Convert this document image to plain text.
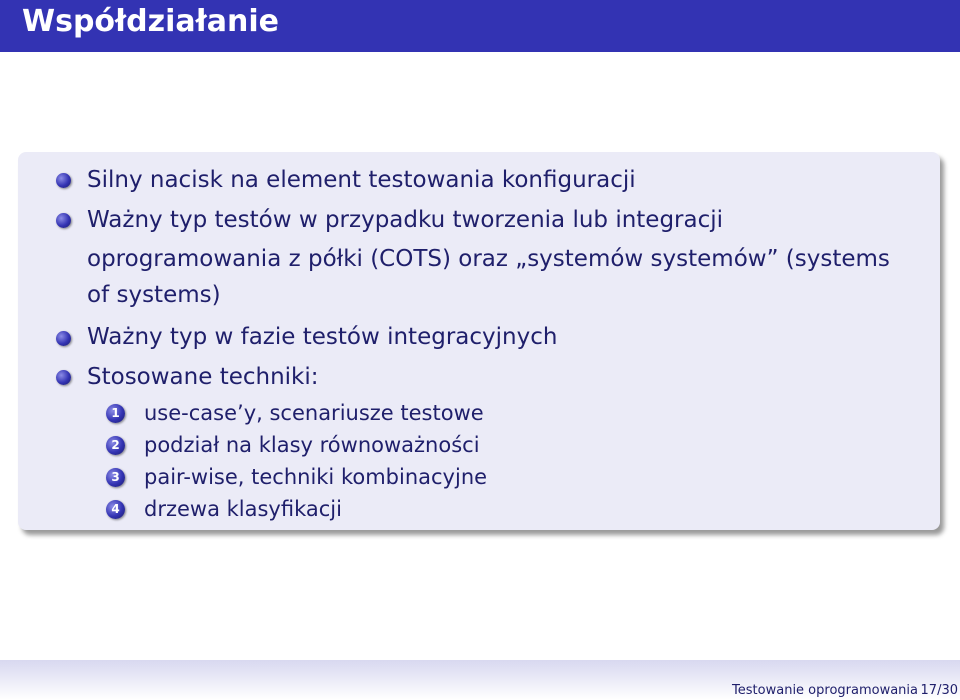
Współdziałanie
Silny nacisk na element testowania konfiguracji
Ważny typ testów w przypadku tworzenia lub integracji
oprogramowania z półki (COTS) oraz „systemów systemów” (systems
of systems)
Ważny typ w fazie testów integracyjnych
Stosowane techniki:
1 use-case’y, scenariusze testowe
2 podział na klasy równoważności
3 pair-wise, techniki kombinacyjne
4 drzewa klasyfikacji
Testowanie oprogramowania 17/30
